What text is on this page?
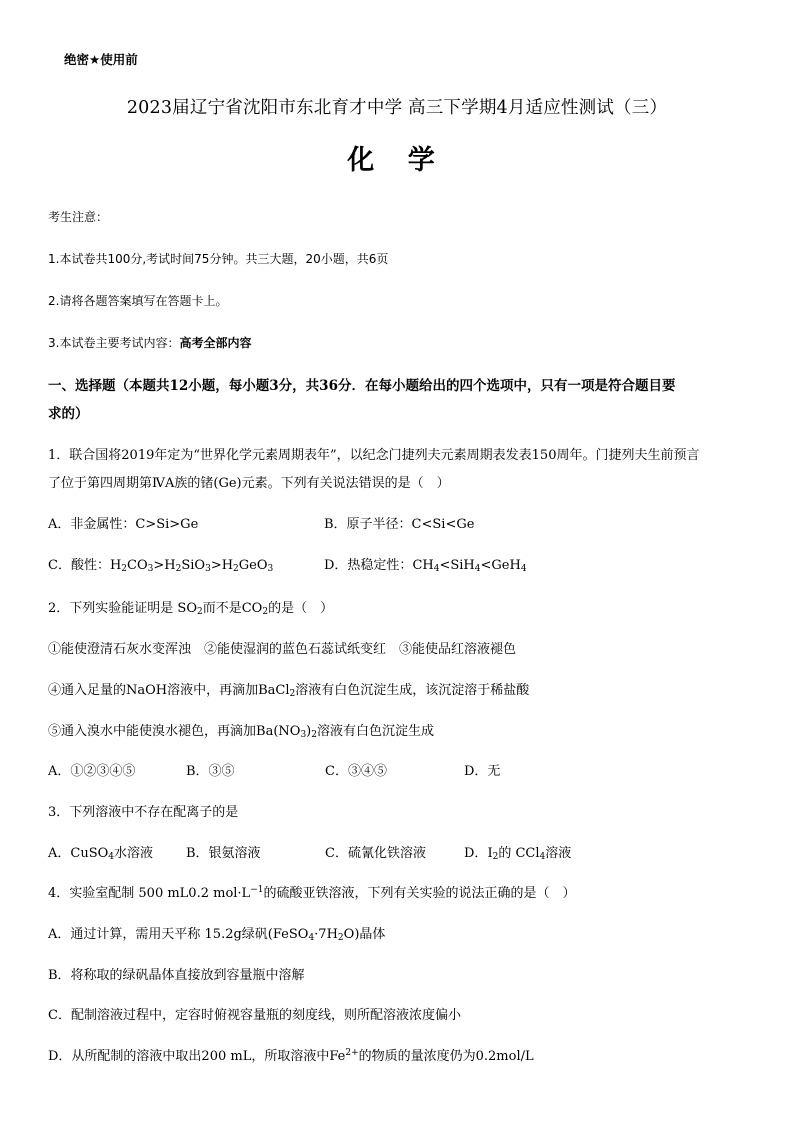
绝密★使用前
2023届辽宁省沈阳市东北育才中学 高三下学期4月适应性测试（三）
化 学
考生注意：
1.本试卷共100分,考试时间75分钟。共三大题，20小题，共6页
2.请将各题答案填写在答题卡上。
3.本试卷主要考试内容：高考全部内容
一、选择题（本题共12小题，每小题3分，共36分．在每小题给出的四个选项中，只有一项是符合题目要
求的）
1．联合国将2019年定为“世界化学元素周期表年”，以纪念门捷列夫元素周期表发表150周年。门捷列夫生前预言
了位于第四周期第ⅣA族的锗(Ge)元素。下列有关说法错误的是（　）
A．非金属性：C>Si>Ge	B．原子半径：C<Si<Ge
C．酸性：$H_2CO_3>H_2SiO_3>H_2GeO_3$	D．热稳定性：$CH_4<SiH_4<GeH_4$
2．下列实验能证明是 $SO_2$而不是$CO_2$的是（　）
①能使澄清石灰水变浑浊　②能使湿润的蓝色石蕊试纸变红　③能使品红溶液褪色
④通入足量的NaOH溶液中，再滴加BaCl$_2$溶液有白色沉淀生成，该沉淀溶于稀盐酸
⑤通入溴水中能使溴水褪色，再滴加$Ba(NO_3)_2$溶液有白色沉淀生成
A．①②③④⑤	B．③⑤	C．③④⑤	D．无
3．下列溶液中不存在配离子的是
A．CuSO$_4$水溶液	B．银氨溶液	C．硫氰化铁溶液	D．$I_2$的 CCl$_4$溶液
4．实验室配制 500 mL0.2 $mol\cdot L^{-1}$的硫酸亚铁溶液，下列有关实验的说法正确的是（　）
A．通过计算，需用天平称 15.2g绿矾$(FeSO_4\cdot 7H_2O)$晶体
B．将称取的绿矾晶体直接放到容量瓶中溶解
C．配制溶液过程中，定容时俯视容量瓶的刻度线，则所配溶液浓度偏小
D．从所配制的溶液中取出200 mL，所取溶液中$Fe^{2+}$的物质的量浓度仍为0.2mol/L
